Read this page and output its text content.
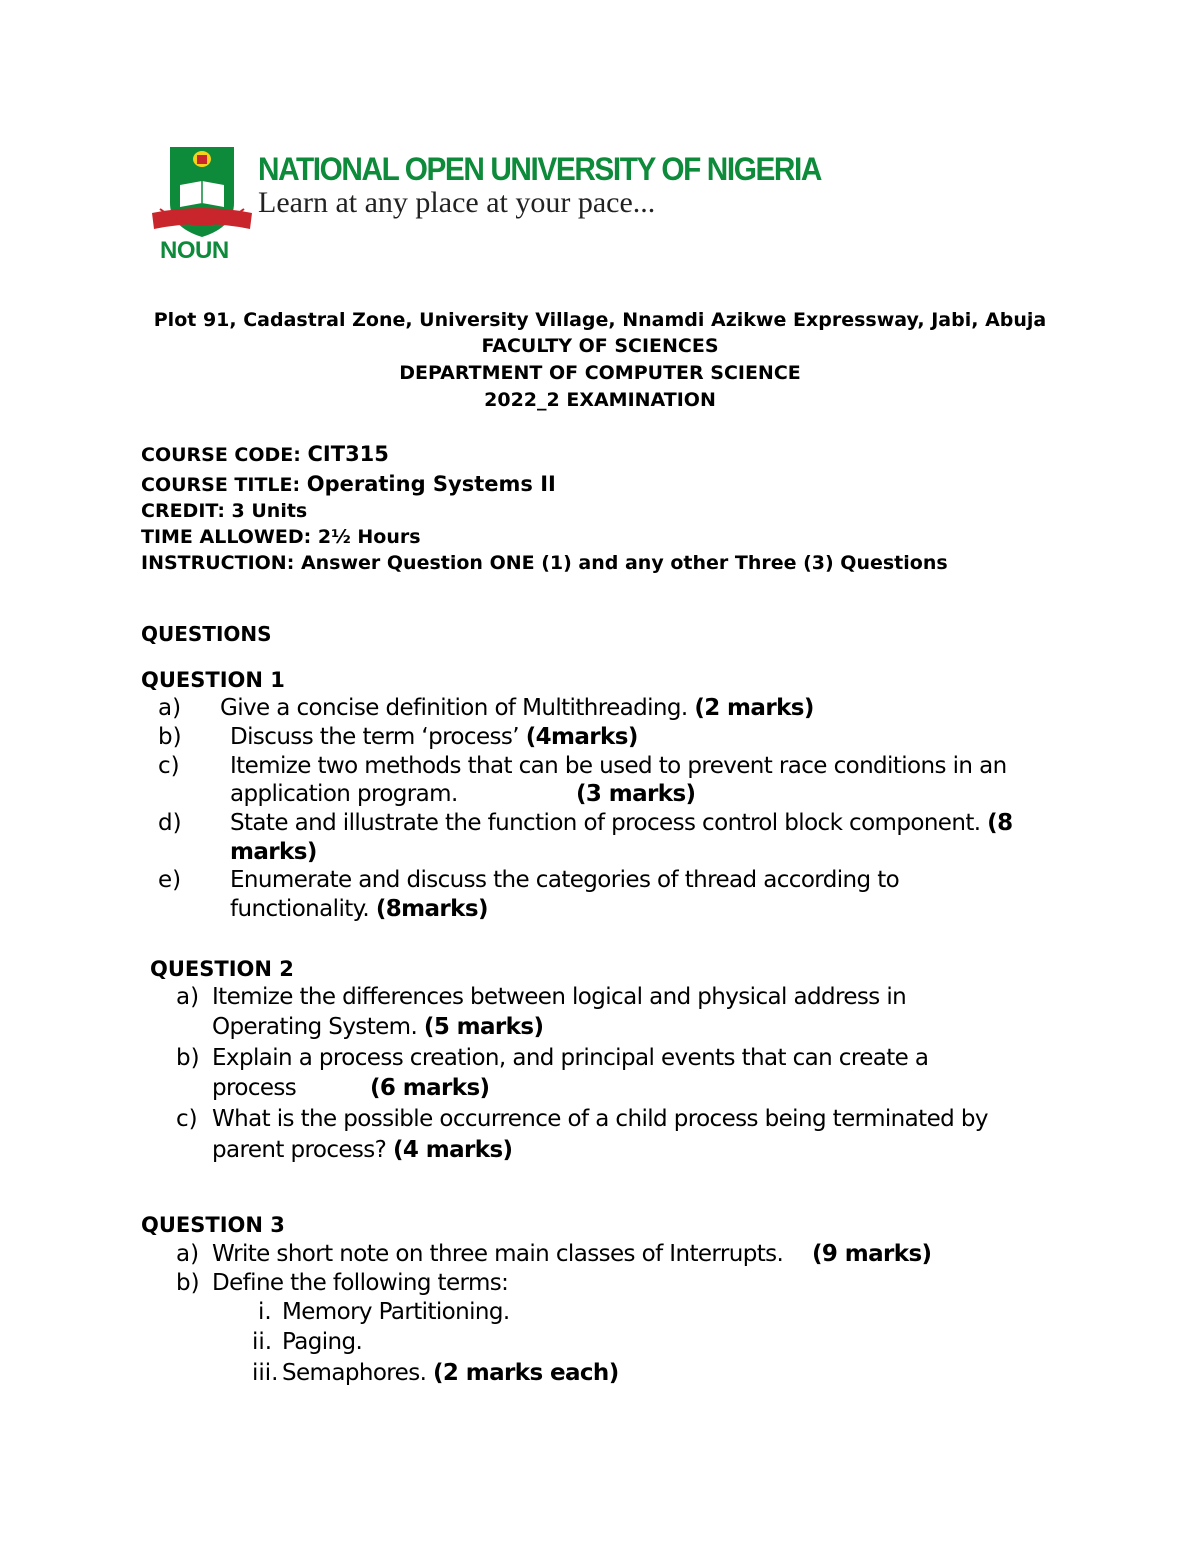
NOUN
NATIONAL OPEN UNIVERSITY OF NIGERIA
Learn at any place at your pace...
Plot 91, Cadastral Zone, University Village, Nnamdi Azikwe Expressway, Jabi, Abuja
FACULTY OF SCIENCES
DEPARTMENT OF COMPUTER SCIENCE
2022_2 EXAMINATION
COURSE CODE: CIT315
COURSE TITLE: Operating Systems II
CREDIT: 3 Units
TIME ALLOWED: 2½ Hours
INSTRUCTION: Answer Question ONE (1) and any other Three (3) Questions
QUESTIONS
QUESTION 1
a) Give a concise definition of Multithreading. (2 marks)
b) Discuss the term ‘process’ (4marks)
c) Itemize two methods that can be used to prevent race conditions in an
application program.	(3 marks)
d) State and illustrate the function of process control block component. (8
marks)
e) Enumerate and discuss the categories of thread according to
functionality. (8marks)
QUESTION 2
a) Itemize the differences between logical and physical address in
Operating System. (5 marks)
b) Explain a process creation, and principal events that can create a
process	(6 marks)
c) What is the possible occurrence of a child process being terminated by
parent process? (4 marks)
QUESTION 3
a) Write short note on three main classes of Interrupts. (9 marks)
b) Define the following terms:
i. Memory Partitioning.
ii. Paging.
iii. Semaphores. (2 marks each)
